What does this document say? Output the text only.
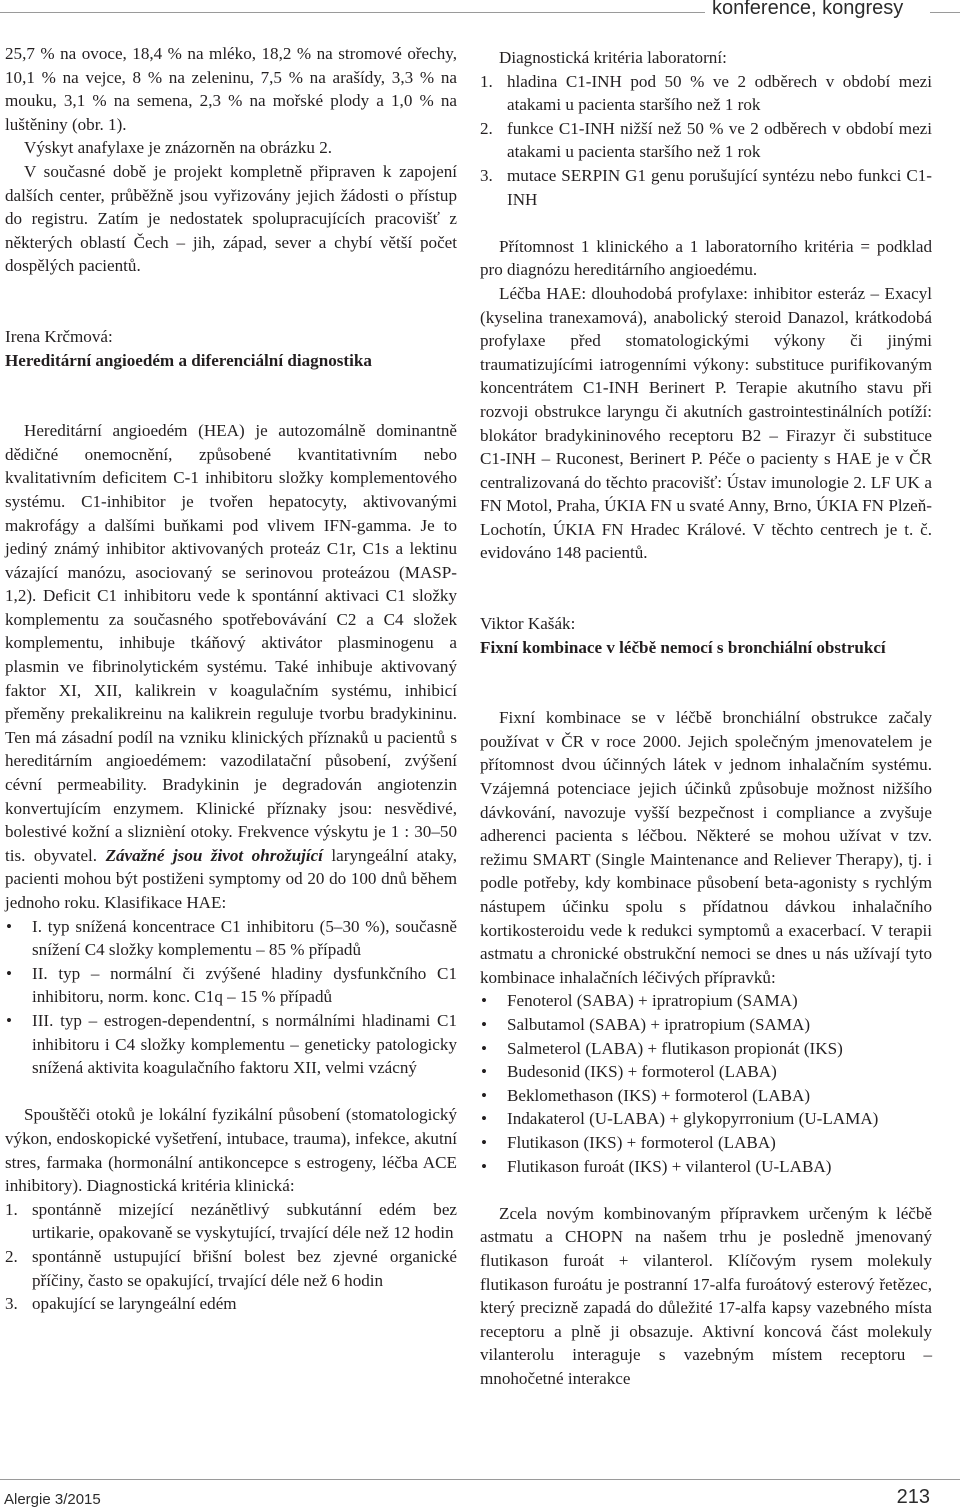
konference, kongresy

25,7 % na ovoce, 18,4 % na mléko, 18,2 % na stromové ořechy, 10,1 % na vejce, 8 % na zeleninu, 7,5 % na arašídy, 3,3 % na mouku, 3,1 % na semena, 2,3 % na mořské plody a 1,0 % na luštěniny (obr. 1).

Výskyt anafylaxe je znázorněn na obrázku 2.

V současné době je projekt kompletně připraven k zapojení dalších center, průběžně jsou vyřizovány jejich žádosti o přístup do registru. Zatím je nedostatek spolupracujících pracovišť z některých oblastí Čech – jih, západ, sever a chybí větší počet dospělých pacientů.

Irena Krčmová:

Hereditární angioedém a diferenciální diagnostika

Hereditární angioedém (HEA) je autozomálně dominantně dědičné onemocnění, způsobené kvantitativním nebo kvalitativním deficitem C-1 inhibitoru složky komplementového systému. C1-inhibitor je tvořen hepatocyty, aktivovanými makrofágy a dalšími buňkami pod vlivem IFN-gamma. Je to jediný známý inhibitor aktivovaných proteáz C1r, C1s a lektinu vázající manózu, asociovaný se serinovou proteázou (MASP-1,2). Deficit C1 inhibitoru vede k spontánní aktivaci C1 složky komplementu za současného spotřebovávání C2 a C4 složek komplementu, inhibuje tkáňový aktivátor plasminogenu a plasmin ve fibrinolytickém systému. Také inhibuje aktivovaný faktor XI, XII, kalikrein v koagulačním systému, inhibicí přeměny prekalikreinu na kalikrein reguluje tvorbu bradykininu. Ten má zásadní podíl na vzniku klinických příznaků u pacientů s hereditárním angioedémem: vazodilatační působení, zvýšení cévní permeability. Bradykinin je degradován angiotenzin konvertujícím enzymem. Klinické příznaky jsou: nesvědivé, bolestivé kožní a sliznièní otoky. Frekvence výskytu je 1 : 30–50 tis. obyvatel. Závažné jsou život ohrožující laryngeální ataky, pacienti mohou být postiženi symptomy od 20 do 100 dnů během jednoho roku. Klasifikace HAE:

• I. typ snížená koncentrace C1 inhibitoru (5–30 %), současně snížení C4 složky komplementu – 85 % případů
• II. typ – normální či zvýšené hladiny dysfunkčního C1 inhibitoru, norm. konc. C1q – 15 % případů
• III. typ – estrogen-dependentní, s normálními hladinami C1 inhibitoru i C4 složky komplementu – geneticky patologicky snížená aktivita koagulačního faktoru XII, velmi vzácný

Spouštěči otoků je lokální fyzikální působení (stomatologický výkon, endoskopické vyšetření, intubace, trauma), infekce, akutní stres, farmaka (hormonální antikoncepce s estrogeny, léčba ACE inhibitory). Diagnostická kritéria klinická:

1. spontánně mizející nezánětlivý subkutánní edém bez urtikarie, opakovaně se vyskytující, trvající déle než 12 hodin
2. spontánně ustupující břišní bolest bez zjevné organické příčiny, často se opakující, trvající déle než 6 hodin
3. opakující se laryngeální edém

Diagnostická kritéria laboratorní:

1. hladina C1-INH pod 50 % ve 2 odběrech v období mezi atakami u pacienta staršího než 1 rok
2. funkce C1-INH nižší než 50 % ve 2 odběrech v období mezi atakami u pacienta staršího než 1 rok
3. mutace SERPIN G1 genu porušující syntézu nebo funkci C1-INH

Přítomnost 1 klinického a 1 laboratorního kritéria = podklad pro diagnózu hereditárního angioedému.

Léčba HAE: dlouhodobá profylaxe: inhibitor esteráz – Exacyl (kyselina tranexamová), anabolický steroid Danazol, krátkodobá profylaxe před stomatologickými výkony či jinými traumatizujícími iatrogenními výkony: substituce purifikovaným koncentrátem C1-INH Berinert P. Terapie akutního stavu při rozvoji obstrukce laryngu či akutních gastrointestinálních potíží: blokátor bradykininového receptoru B2 – Firazyr či substituce C1-INH – Ruconest, Berinert P. Péče o pacienty s HAE je v ČR centralizovaná do těchto pracovišť: Ústav imunologie 2. LF UK a FN Motol, Praha, ÚKIA FN u svaté Anny, Brno, ÚKIA FN Plzeň-Lochotín, ÚKIA FN Hradec Králové. V těchto centrech je t. č. evidováno 148 pacientů.

Viktor Kašák:

Fixní kombinace v léčbě nemocí s bronchiální obstrukcí

Fixní kombinace se v léčbě bronchiální obstrukce začaly používat v ČR v roce 2000. Jejich společným jmenovatelem je přítomnost dvou účinných látek v jednom inhalačním systému. Vzájemná potenciace jejich účinků způsobuje možnost nižšího dávkování, navozuje vyšší bezpečnost i compliance a zvyšuje adherenci pacienta s léčbou. Některé se mohou užívat v tzv. režimu SMART (Single Maintenance and Reliever Therapy), tj. i podle potřeby, kdy kombinace působení beta-agonisty s rychlým nástupem účinku spolu s přídatnou dávkou inhalačního kortikosteroidu vede k redukci symptomů a exacerbací. V terapii astmatu a chronické obstrukční nemoci se dnes u nás užívají tyto kombinace inhalačních léčivých přípravků:

• Fenoterol (SABA) + ipratropium (SAMA)
• Salbutamol (SABA) + ipratropium (SAMA)
• Salmeterol (LABA) + flutikason propionát (IKS)
• Budesonid (IKS) + formoterol (LABA)
• Beklomethason (IKS) + formoterol (LABA)
• Indakaterol (U-LABA) + glykopyrronium (U-LAMA)
• Flutikason (IKS) + formoterol (LABA)
• Flutikason furoát (IKS) + vilanterol (U-LABA)

Zcela novým kombinovaným přípravkem určeným k léčbě astmatu a CHOPN na našem trhu je posledně jmenovaný flutikason furoát + vilanterol. Klíčovým rysem molekuly flutikason furoátu je postranní 17-alfa furoátový esterový řetězec, který precizně zapadá do důležité 17-alfa kapsy vazebného místa receptoru a plně ji obsazuje. Aktivní koncová část molekuly vilanterolu interaguje s vazebným místem receptoru – mnohočetné interakce

Alergie 3/2015	213
